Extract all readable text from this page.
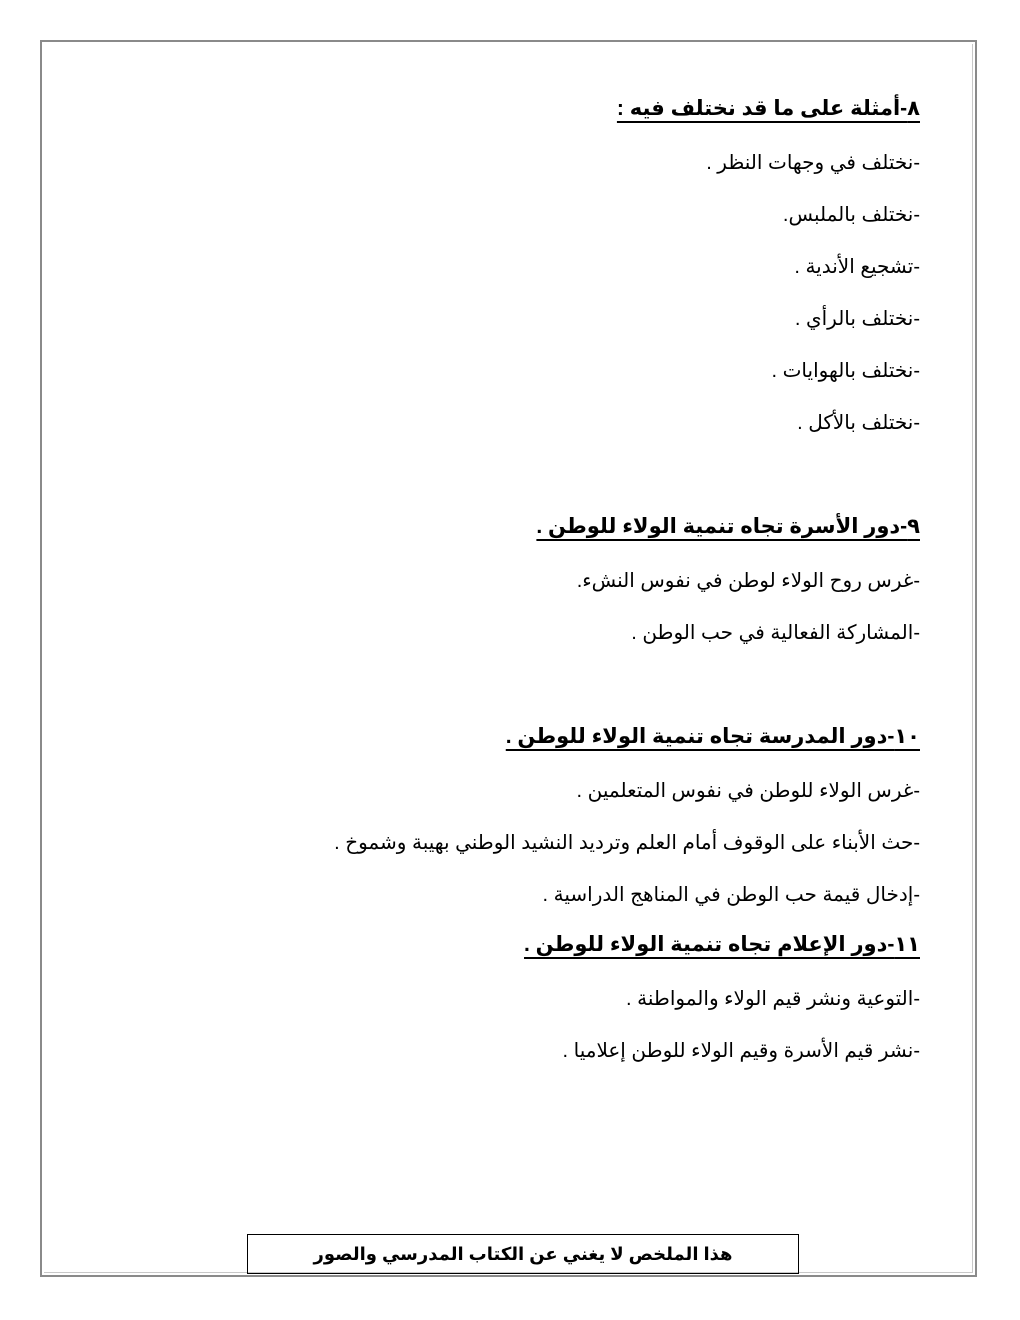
٨-أمثلة على ما قد نختلف فيه :

-نختلف في وجهات النظر .

-نختلف بالملبس.

-تشجيع الأندية .

-نختلف بالرأي .

-نختلف بالهوايات .

-نختلف بالأكل .

٩-دور الأسرة تجاه تنمية الولاء للوطن .

-غرس روح الولاء لوطن في نفوس النشء.

-المشاركة الفعالية في حب الوطن .

١٠-دور المدرسة تجاه تنمية الولاء للوطن .

-غرس الولاء للوطن في نفوس المتعلمين .

-حث الأبناء على الوقوف أمام العلم وترديد النشيد الوطني بهيبة وشموخ .

-إدخال قيمة حب الوطن في المناهج الدراسية .

١١-دور الإعلام تجاه تنمية الولاء للوطن .

-التوعية ونشر قيم الولاء والمواطنة .

-نشر قيم الأسرة وقيم الولاء للوطن إعلاميا .

هذا الملخص لا يغني عن الكتاب المدرسي والصور
